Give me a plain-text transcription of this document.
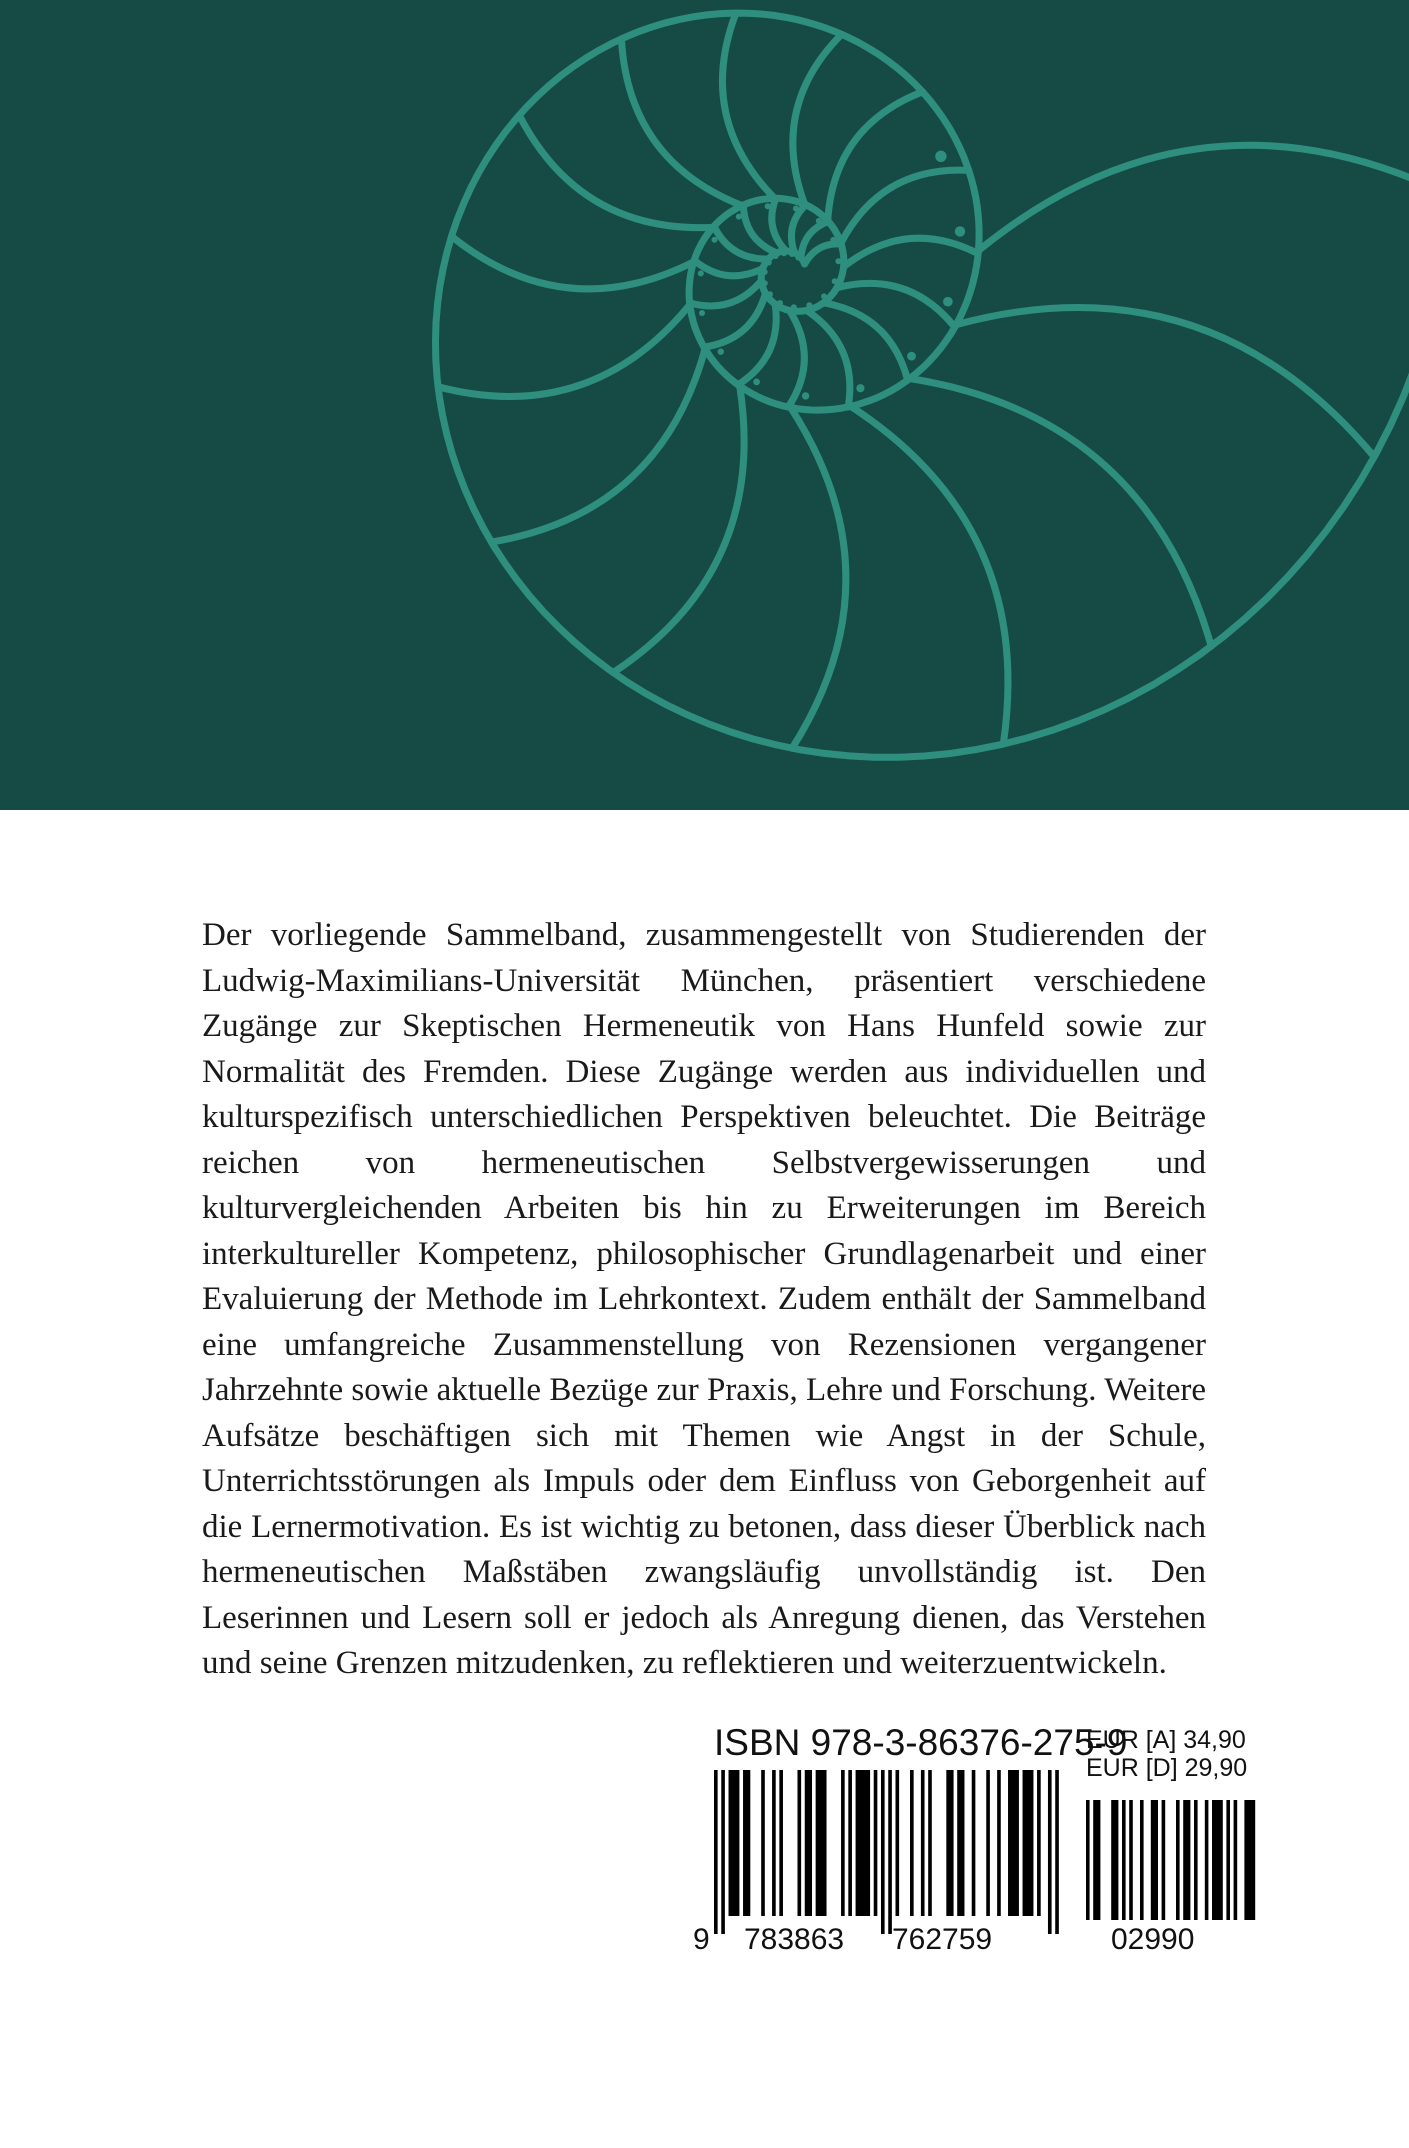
Der vorliegende Sammelband, zusammengestellt von Studierenden der Ludwig-Maximilians-Universität München, präsentiert verschiedene Zugänge zur Skeptischen Hermeneutik von Hans Hunfeld sowie zur Normalität des Fremden. Diese Zugänge werden aus individuellen und kulturspezifisch unterschiedlichen Perspektiven beleuchtet. Die Beiträge reichen von hermeneutischen Selbstvergewisserungen und kulturvergleichenden Arbeiten bis hin zu Erweiterungen im Bereich interkultureller Kompetenz, philosophischer Grundlagenarbeit und einer Evaluierung der Methode im Lehrkontext. Zudem enthält der Sammelband eine umfangreiche Zusammenstellung von Rezensionen vergangener Jahrzehnte sowie aktuelle Bezüge zur Praxis, Lehre und Forschung. Weitere Aufsätze beschäftigen sich mit Themen wie Angst in der Schule, Unterrichtsstörungen als Impuls oder dem Einfluss von Geborgenheit auf die Lernermotivation. Es ist wichtig zu betonen, dass dieser Überblick nach hermeneutischen Maßstäben zwangsläufig unvollständig ist. Den Leserinnen und Lesern soll er jedoch als Anregung dienen, das Verstehen und seine Grenzen mitzudenken, zu reflektieren und weiterzuentwickeln.

ISBN 978-3-86376-275-9
EUR [A] 34,90
EUR [D] 29,90
9 783863 762759	02990
